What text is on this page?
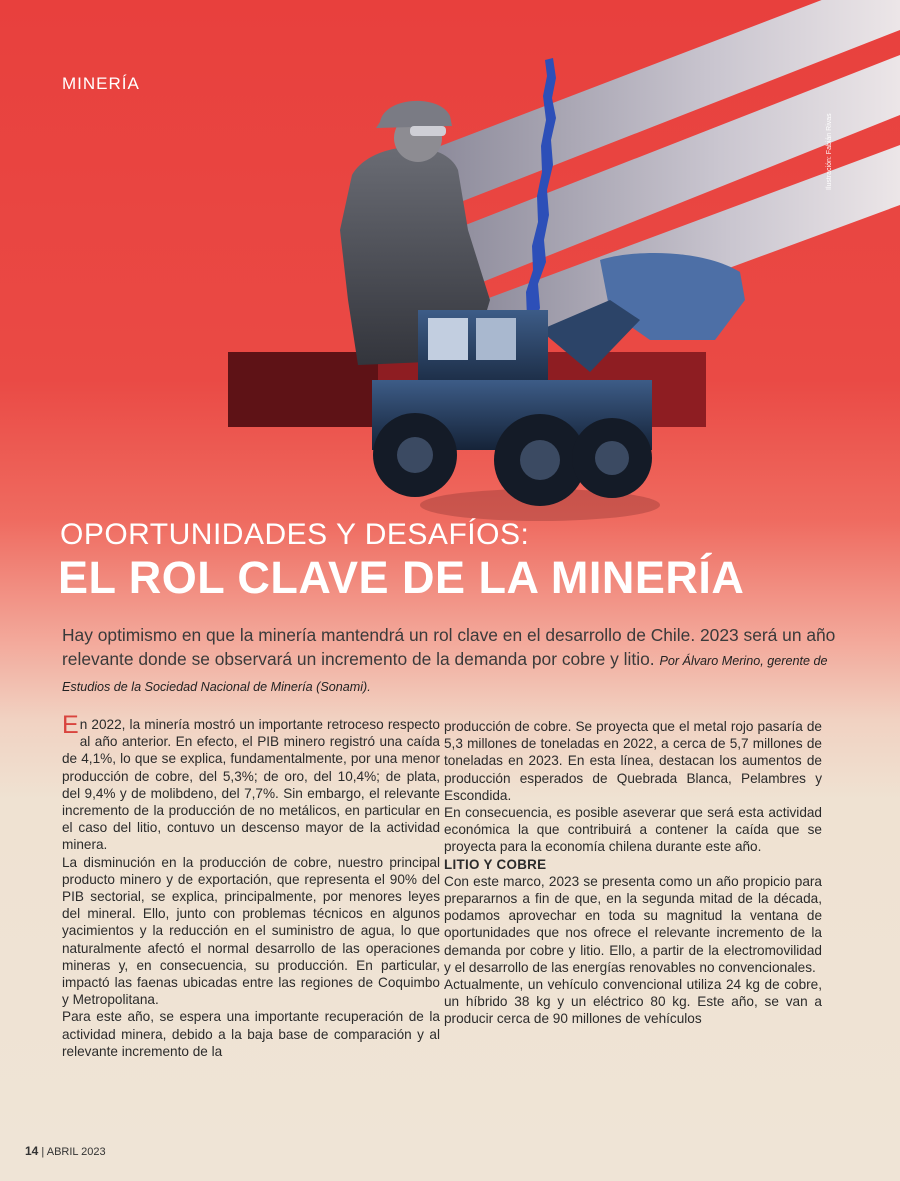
MINERÍA
Ilustración: Fabián Rivas
OPORTUNIDADES Y DESAFÍOS:
EL ROL CLAVE DE LA MINERÍA
Hay optimismo en que la minería mantendrá un rol clave en el desarrollo de Chile. 2023 será un año relevante donde se observará un incremento de la demanda por cobre y litio. Por Álvaro Merino, gerente de Estudios de la Sociedad Nacional de Minería (Sonami).

En 2022, la minería mostró un importante retroceso respecto al año anterior. En efecto, el PIB minero registró una caída de 4,1%, lo que se explica, fundamentalmente, por una menor producción de cobre, del 5,3%; de oro, del 10,4%; de plata, del 9,4% y de molibdeno, del 7,7%. Sin embargo, el relevante incremento de la producción de no metálicos, en particular en el caso del litio, contuvo un descenso mayor de la actividad minera.

La disminución en la producción de cobre, nuestro principal producto minero y de exportación, que representa el 90% del PIB sectorial, se explica, principalmente, por menores leyes del mineral. Ello, junto con problemas técnicos en algunos yacimientos y la reducción en el suministro de agua, lo que naturalmente afectó el normal desarrollo de las operaciones mineras y, en consecuencia, su producción. En particular, impactó las faenas ubicadas entre las regiones de Coquimbo y Metropolitana.

Para este año, se espera una importante recuperación de la actividad minera, debido a la baja base de comparación y al relevante incremento de la

producción de cobre. Se proyecta que el metal rojo pasaría de 5,3 millones de toneladas en 2022, a cerca de 5,7 millones de toneladas en 2023. En esta línea, destacan los aumentos de producción esperados de Quebrada Blanca, Pelambres y Escondida.

En consecuencia, es posible aseverar que será esta actividad económica la que contribuirá a contener la caída que se proyecta para la economía chilena durante este año.

LITIO Y COBRE

Con este marco, 2023 se presenta como un año propicio para prepararnos a fin de que, en la segunda mitad de la década, podamos aprovechar en toda su magnitud la ventana de oportunidades que nos ofrece el relevante incremento de la demanda por cobre y litio. Ello, a partir de la electromovilidad y el desarrollo de las energías renovables no convencionales.

Actualmente, un vehículo convencional utiliza 24 kg de cobre, un híbrido 38 kg y un eléctrico 80 kg. Este año, se van a producir cerca de 90 millones de vehículos

14 | ABRIL 2023
